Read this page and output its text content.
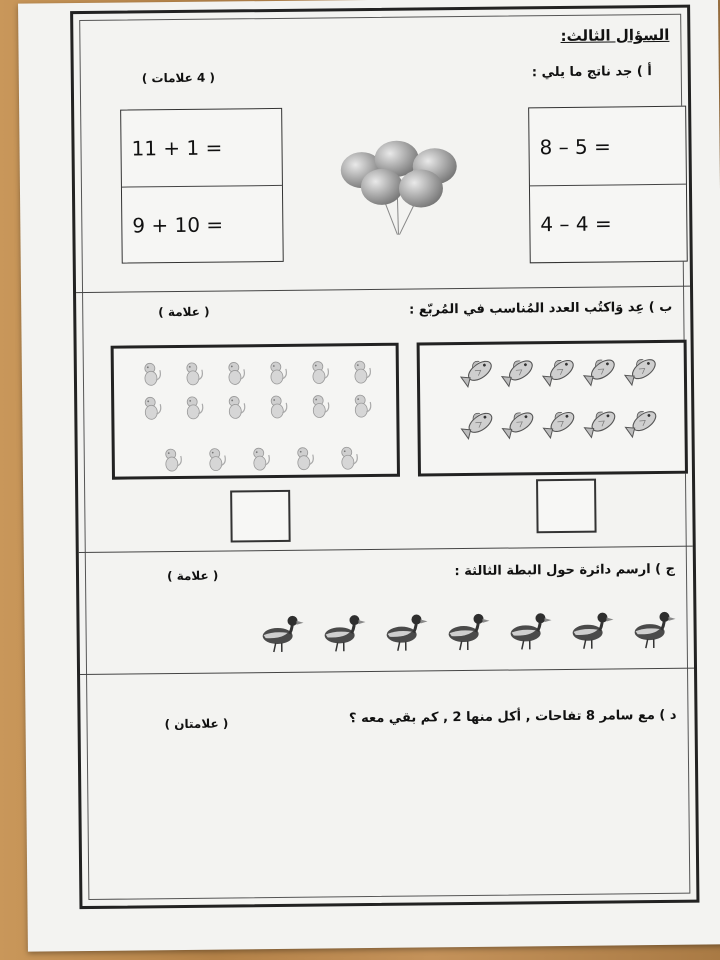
السؤال الثالث:
أ ) جد ناتج ما يلي :
( 4 علامات )
11 + 1 =
9 + 10 =
8 – 5 =
4 – 4 =
ب ) عِد وَاكتُب العدد المُناسب في المُربّع :
( علامة )
ج ) ارسم دائرة حول البطة الثالثة :
( علامة )
د ) مع سامر 8 تفاحات , أكل منها 2 , كم بقي معه ؟
( علامتان )
